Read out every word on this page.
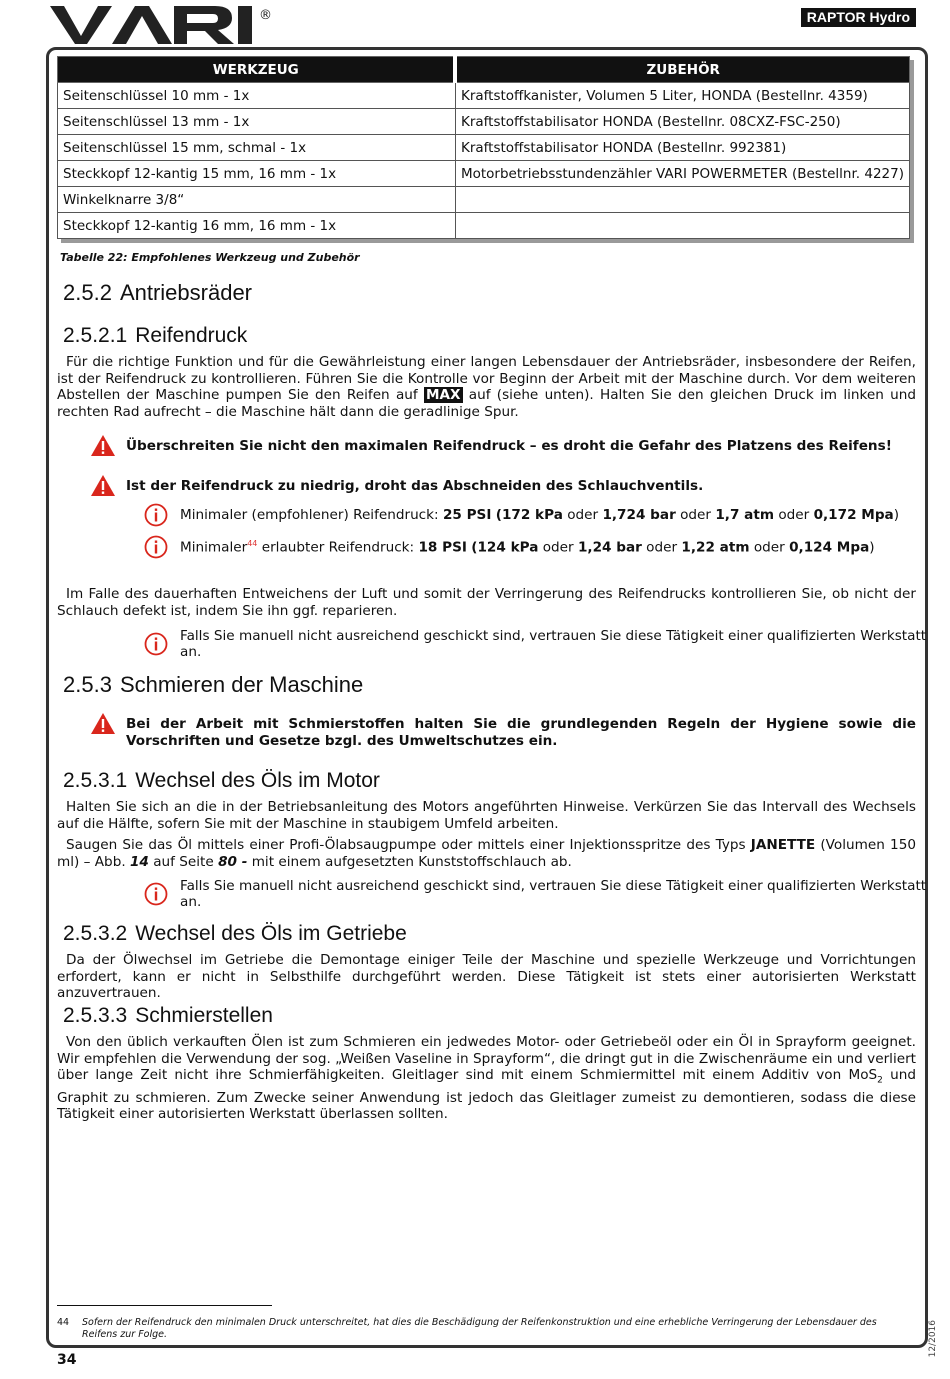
®	RAPTOR Hydro
WERKZEUG	ZUBEHÖR
Seitenschlüssel 10 mm - 1x	Kraftstoffkanister, Volumen 5 Liter, HONDA (Bestellnr. 4359)
Seitenschlüssel 13 mm - 1x	Kraftstoffstabilisator HONDA (Bestellnr. 08CXZ-FSC-250)
Seitenschlüssel 15 mm, schmal - 1x	Kraftstoffstabilisator HONDA (Bestellnr. 992381)
Steckkopf 12-kantig 15 mm, 16 mm - 1x	Motorbetriebsstundenzähler VARI POWERMETER (Bestellnr. 4227)
Winkelknarre 3/8“	
Steckkopf 12-kantig 16 mm, 16 mm - 1x	
Tabelle 22: Empfohlenes Werkzeug und Zubehör
2.5.2 Antriebsräder
2.5.2.1 Reifendruck
Für die richtige Funktion und für die Gewährleistung einer langen Lebensdauer der Antriebsräder, insbesondere der Reifen, ist der Reifendruck zu kontrollieren. Führen Sie die Kontrolle vor Beginn der Arbeit mit der Maschine durch. Vor dem weiteren Abstellen der Maschine pumpen Sie den Reifen auf MAX auf (siehe unten). Halten Sie den gleichen Druck im linken und rechten Rad aufrecht – die Maschine hält dann die geradlinige Spur.
Überschreiten Sie nicht den maximalen Reifendruck – es droht die Gefahr des Platzens des Reifens!
Ist der Reifendruck zu niedrig, droht das Abschneiden des Schlauchventils.
Minimaler (empfohlener) Reifendruck: 25 PSI (172 kPa oder 1,724 bar oder 1,7 atm oder 0,172 Mpa)
Minimaler$^{44}$ erlaubter Reifendruck: 18 PSI (124 kPa oder 1,24 bar oder 1,22 atm oder 0,124 Mpa)
Im Falle des dauerhaften Entweichens der Luft und somit der Verringerung des Reifendrucks kontrollieren Sie, ob nicht der Schlauch defekt ist, indem Sie ihn ggf. reparieren.
Falls Sie manuell nicht ausreichend geschickt sind, vertrauen Sie diese Tätigkeit einer qualifizierten Werkstatt an.
2.5.3 Schmieren der Maschine
Bei der Arbeit mit Schmierstoffen halten Sie die grundlegenden Regeln der Hygiene sowie die Vorschriften und Gesetze bzgl. des Umweltschutzes ein.
2.5.3.1 Wechsel des Öls im Motor
Halten Sie sich an die in der Betriebsanleitung des Motors angeführten Hinweise. Verkürzen Sie das Intervall des Wechsels auf die Hälfte, sofern Sie mit der Maschine in staubigem Umfeld arbeiten.
Saugen Sie das Öl mittels einer Profi-Ölabsaugpumpe oder mittels einer Injektionsspritze des Typs JANETTE (Volumen 150 ml) – Abb. 14 auf Seite 80 - mit einem aufgesetzten Kunststoffschlauch ab.
Falls Sie manuell nicht ausreichend geschickt sind, vertrauen Sie diese Tätigkeit einer qualifizierten Werkstatt an.
2.5.3.2 Wechsel des Öls im Getriebe
Da der Ölwechsel im Getriebe die Demontage einiger Teile der Maschine und spezielle Werkzeuge und Vorrichtungen erfordert, kann er nicht in Selbsthilfe durchgeführt werden. Diese Tätigkeit ist stets einer autorisierten Werkstatt anzuvertrauen.
2.5.3.3 Schmierstellen
Von den üblich verkauften Ölen ist zum Schmieren ein jedwedes Motor- oder Getriebeöl oder ein Öl in Sprayform geeignet. Wir empfehlen die Verwendung der sog. „Weißen Vaseline in Sprayform“, die dringt gut in die Zwischenräume ein und verliert über lange Zeit nicht ihre Schmierfähigkeiten. Gleitlager sind mit einem Schmiermittel mit einem Additiv von MoS$_2$ und Graphit zu schmieren. Zum Zwecke seiner Anwendung ist jedoch das Gleitlager zumeist zu demontieren, sodass die diese Tätigkeit einer autorisierten Werkstatt überlassen sollten.
44	Sofern der Reifendruck den minimalen Druck unterschreitet, hat dies die Beschädigung der Reifenkonstruktion und eine erhebliche Verringerung der Lebensdauer des Reifens zur Folge.
34
12/2016
